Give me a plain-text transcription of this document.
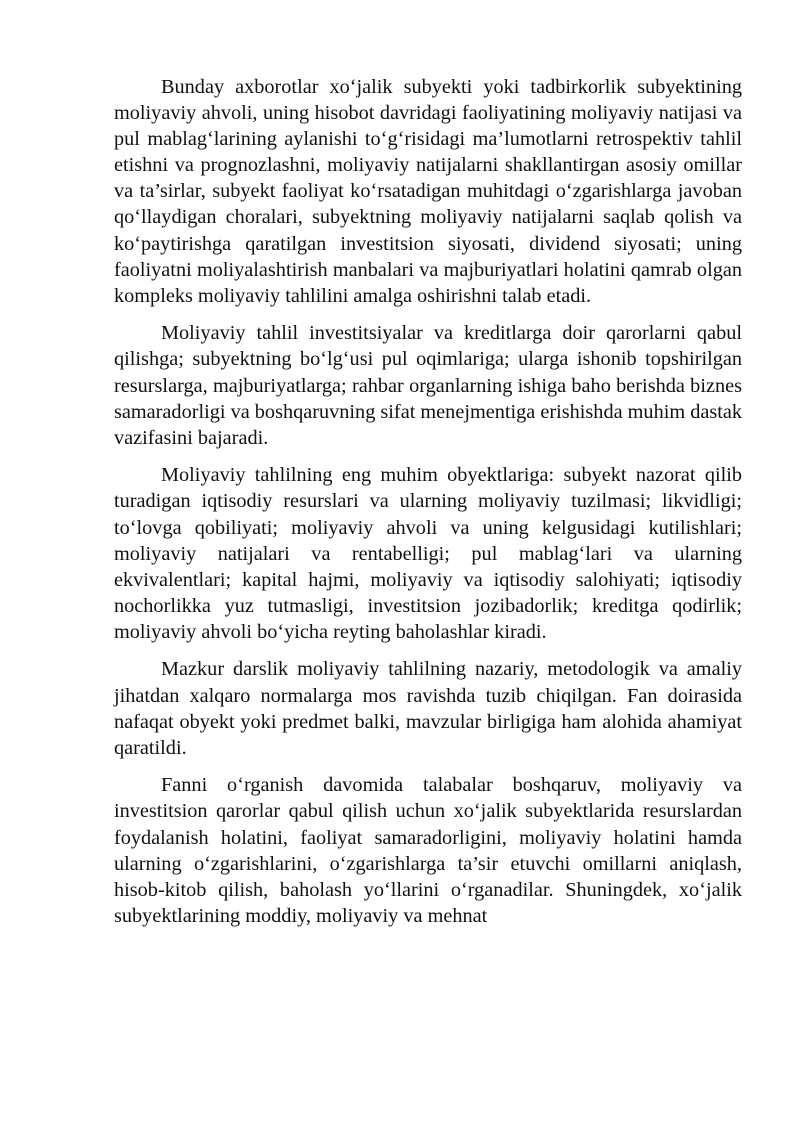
Bunday axborotlar xo‘jalik subyekti yoki tadbirkorlik subyektining moliyaviy ahvoli, uning hisobot davridagi faoliyatining moliyaviy natijasi va pul mablag‘larining aylanishi to‘g‘risidagi ma’lumotlarni retrospektiv tahlil etishni va prognozlashni, moliyaviy natijalarni shakllantirgan asosiy omillar va ta’sirlar, subyekt faoliyat ko‘rsatadigan muhitdagi o‘zgarishlarga javoban qo‘llaydigan choralari, subyektning moliyaviy natijalarni saqlab qolish va ko‘paytirishga qaratilgan investitsion siyosati, dividend siyosati; uning faoliyatni moliyalashtirish manbalari va majburiyatlari holatini qamrab olgan kompleks moliyaviy tahlilini amalga oshirishni talab etadi.

Moliyaviy tahlil investitsiyalar va kreditlarga doir qarorlarni qabul qilishga; subyektning bo‘lg‘usi pul oqimlariga; ularga ishonib topshirilgan resurslarga, majburiyatlarga; rahbar organlarning ishiga baho berishda biznes samaradorligi va boshqaruvning sifat menejmentiga erishishda muhim dastak vazifasini bajaradi.

Moliyaviy tahlilning eng muhim obyektlariga: subyekt nazorat qilib turadigan iqtisodiy resurslari va ularning moliyaviy tuzilmasi; likvidligi; to‘lovga qobiliyati; moliyaviy ahvoli va uning kelgusidagi kutilishlari; moliyaviy natijalari va rentabelligi; pul mablag‘lari va ularning ekvivalentlari; kapital hajmi, moliyaviy va iqtisodiy salohiyati; iqtisodiy nochorlikka yuz tutmasligi, investitsion jozibadorlik; kreditga qodirlik; moliyaviy ahvoli bo‘yicha reyting baholashlar kiradi.

Mazkur darslik moliyaviy tahlilning nazariy, metodologik va amaliy jihatdan xalqaro normalarga mos ravishda tuzib chiqilgan. Fan doirasida nafaqat obyekt yoki predmet balki, mavzular birligiga ham alohida ahamiyat qaratildi.

Fanni o‘rganish davomida talabalar boshqaruv, moliyaviy va investitsion qarorlar qabul qilish uchun xo‘jalik subyektlarida resurslardan foydalanish holatini, faoliyat samaradorligini, moliyaviy holatini hamda ularning o‘zgarishlarini, o‘zgarishlarga ta’sir etuvchi omillarni aniqlash, hisob-kitob qilish, baholash yo‘llarini o‘rganadilar. Shuningdek, xo‘jalik subyektlarining moddiy, moliyaviy va mehnat
